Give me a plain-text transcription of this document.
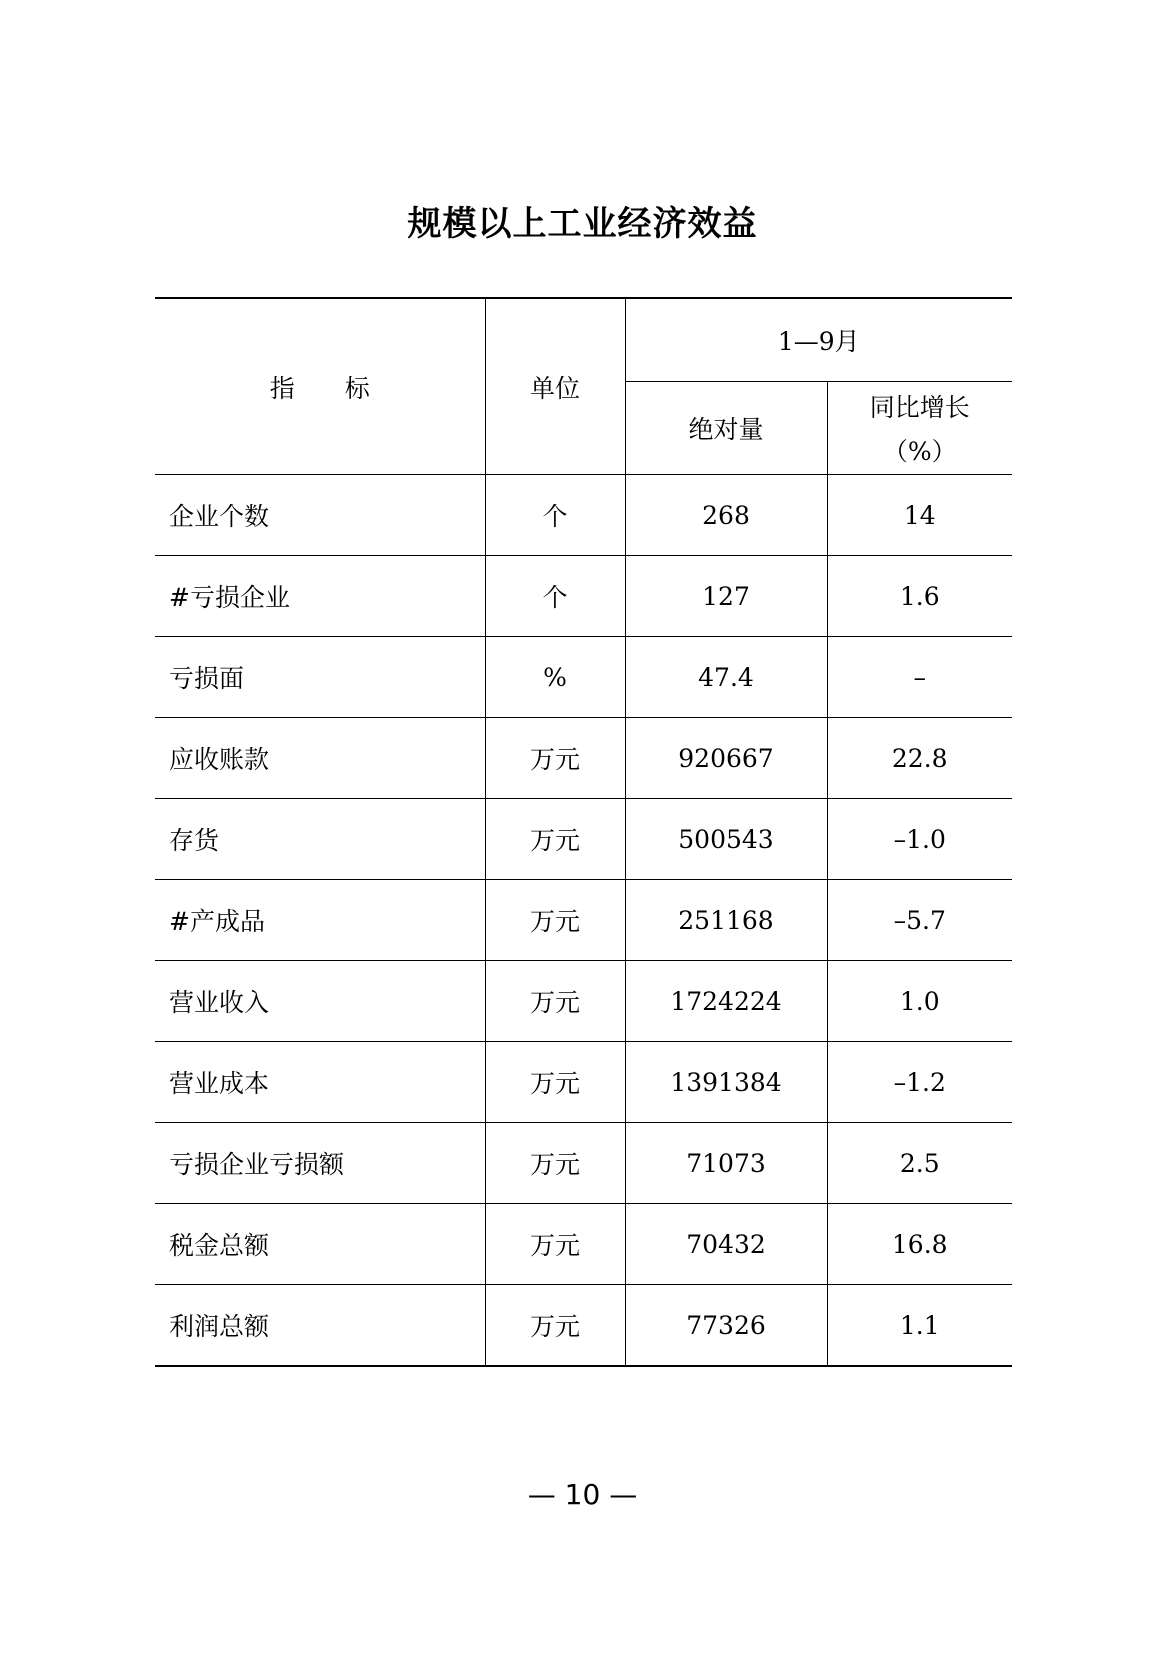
规模以上工业经济效益
指　　标	单位	1—9月	
		绝对量	同比增长
（%）

企业个数	个	268	14
#亏损企业	个	127	1.6
亏损面	%	47.4	–
应收账款	万元	920667	22.8
存货	万元	500543	–1.0
#产成品	万元	251168	–5.7
营业收入	万元	1724224	1.0
营业成本	万元	1391384	–1.2
亏损企业亏损额	万元	71073	2.5
税金总额	万元	70432	16.8
利润总额	万元	77326	1.1
— 10 —
